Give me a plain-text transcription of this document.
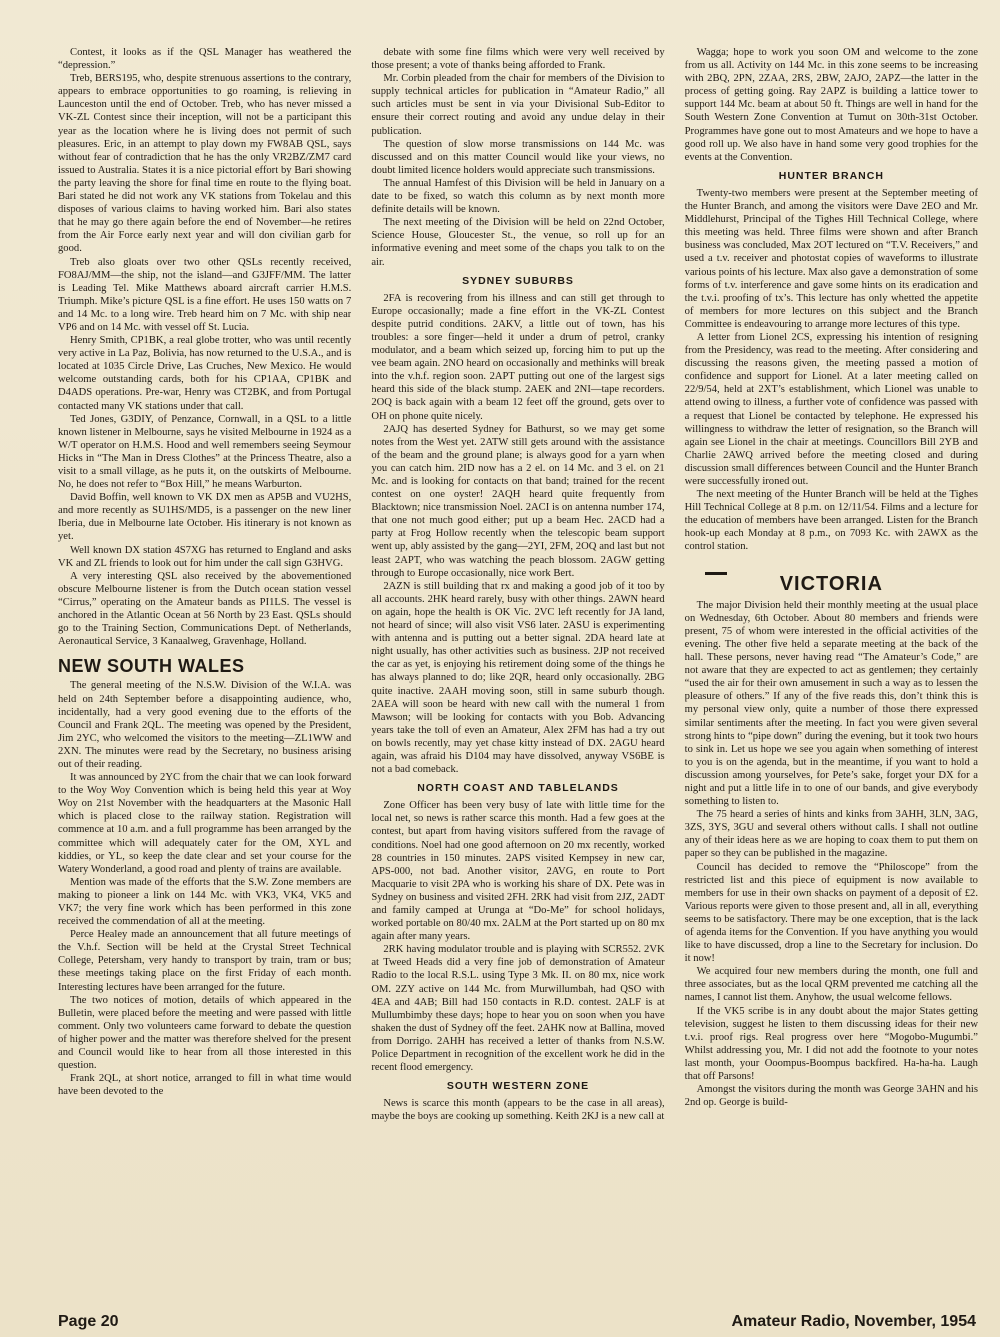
Contest, it looks as if the QSL Manager has weathered the “depression.”

Treb, BERS195, who, despite strenuous assertions to the contrary, appears to embrace opportunities to go roaming, is relieving in Launceston until the end of October. Treb, who has never missed a VK-ZL Contest since their inception, will not be a participant this year as the location where he is living does not permit of such pleasures. Eric, in an attempt to play down my FW8AB QSL, says without fear of contradiction that he has the only VR2BZ/ZM7 card issued to Australia. States it is a nice pictorial effort by Bari showing the party leaving the shore for final time en route to the flying boat. Bari stated he did not work any VK stations from Tokelau and this disposes of various claims to having worked him. Bari also states that he may go there again before the end of November—he retires from the Air Force early next year and will don civilian garb for good.

Treb also gloats over two other QSLs recently received, FO8AJ/MM—the ship, not the island—and G3JFF/MM. The latter is Leading Tel. Mike Matthews aboard aircraft carrier H.M.S. Triumph. Mike’s picture QSL is a fine effort. He uses 150 watts on 7 and 14 Mc. to a long wire. Treb heard him on 7 Mc. with ship near VP6 and on 14 Mc. with vessel off St. Lucia.

Henry Smith, CP1BK, a real globe trotter, who was until recently very active in La Paz, Bolivia, has now returned to the U.S.A., and is located at 1035 Circle Drive, Las Cruches, New Mexico. He would welcome outstanding cards, both for his CP1AA, CP1BK and D4ADS operations. Pre-war, Henry was CT2BK, and from Portugal contacted many VK stations under that call.

Ted Jones, G3DIY, of Penzance, Cornwall, in a QSL to a little known listener in Melbourne, says he visited Melbourne in 1924 as a W/T operator on H.M.S. Hood and well remembers seeing Seymour Hicks in “The Man in Dress Clothes” at the Princess Theatre, also a visit to a small village, as he puts it, on the outskirts of Melbourne. No, he does not refer to “Box Hill,” he means Warburton.

David Boffin, well known to VK DX men as AP5B and VU2HS, and more recently as SU1HS/MD5, is a passenger on the new liner Iberia, due in Melbourne late October. His itinerary is not known as yet.

Well known DX station 4S7XG has returned to England and asks VK and ZL friends to look out for him under the call sign G3HVG.

A very interesting QSL also received by the abovementioned obscure Melbourne listener is from the Dutch ocean station vessel “Cirrus,” operating on the Amateur bands as PI1LS. The vessel is anchored in the Atlantic Ocean at 56 North by 23 East. QSLs should go to the Training Section, Communications Dept. of Netherlands, Aeronautical Service, 3 Kanaalweg, Gravenhage, Holland.

NEW SOUTH WALES

The general meeting of the N.S.W. Division of the W.I.A. was held on 24th September before a disappointing audience, who, incidentally, had a very good evening due to the efforts of the Council and Frank 2QL. The meeting was opened by the President, Jim 2YC, who welcomed the visitors to the meeting—ZL1WW and 2XN. The minutes were read by the Secretary, no business arising out of their reading.

It was announced by 2YC from the chair that we can look forward to the Woy Woy Convention which is being held this year at Woy Woy on 21st November with the headquarters at the Masonic Hall which is placed close to the railway station. Registration will commence at 10 a.m. and a full programme has been arranged by the committee which will adequately cater for the OM, XYL and kiddies, or YL, so keep the date clear and set your course for the Watery Wonderland, a good road and plenty of trains are available.

Mention was made of the efforts that the S.W. Zone members are making to pioneer a link on 144 Mc. with VK3, VK4, VK5 and VK7; the very fine work which has been performed in this zone received the commendation of all at the meeting.

Perce Healey made an announcement that all future meetings of the V.h.f. Section will be held at the Crystal Street Technical College, Petersham, very handy to transport by train, tram or bus; these meetings taking place on the first Friday of each month. Interesting lectures have been arranged for the future.

The two notices of motion, details of which appeared in the Bulletin, were placed before the meeting and were passed with little comment. Only two volunteers came forward to debate the question of higher power and the matter was therefore shelved for the present and Council would like to hear from all those interested in this question.

Frank 2QL, at short notice, arranged to fill in what time would have been devoted to the

debate with some fine films which were very well received by those present; a vote of thanks being afforded to Frank.

Mr. Corbin pleaded from the chair for members of the Division to supply technical articles for publication in “Amateur Radio,” all such articles must be sent in via your Divisional Sub-Editor to ensure their correct routing and avoid any undue delay in their publication.

The question of slow morse transmissions on 144 Mc. was discussed and on this matter Council would like your views, no doubt limited licence holders would appreciate such transmissions.

The annual Hamfest of this Division will be held in January on a date to be fixed, so watch this column as by next month more definite details will be known.

The next meeting of the Division will be held on 22nd October, Science House, Gloucester St., the venue, so roll up for an informative evening and meet some of the chaps you talk to on the air.

SYDNEY SUBURBS

2FA is recovering from his illness and can still get through to Europe occasionally; made a fine effort in the VK-ZL Contest despite putrid conditions. 2AKV, a little out of town, has his troubles: a sore finger—held it under a drum of petrol, cranky modulator, and a beam which seized up, forcing him to put up the vee beam again. 2NO heard on occasionally and methinks will break into the v.h.f. region soon. 2APT putting out one of the largest sigs heard this side of the black stump. 2AEK and 2NI—tape recorders. 2OQ is back again with a beam 12 feet off the ground, gets over to OH on phone quite nicely.

2AJQ has deserted Sydney for Bathurst, so we may get some notes from the West yet. 2ATW still gets around with the assistance of the beam and the ground plane; is always good for a yarn when you can catch him. 2ID now has a 2 el. on 14 Mc. and 3 el. on 21 Mc. and is looking for contacts on that band; trained for the recent contest on one oyster! 2AQH heard quite frequently from Blacktown; nice transmission Noel. 2ACI is on antenna number 174, that one not much good either; put up a beam Hec. 2ACD had a party at Frog Hollow recently when the telescopic beam support went up, ably assisted by the gang—2YI, 2FM, 2OQ and last but not least 2APT, who was watching the peach blossom. 2AGW getting through to Europe occasionally, nice work Bert.

2AZN is still building that rx and making a good job of it too by all accounts. 2HK heard rarely, busy with other things. 2AWN heard on again, hope the health is OK Vic. 2VC left recently for JA land, not heard of since; will also visit VS6 later. 2ASU is experimenting with antenna and is putting out a better signal. 2DA heard late at night usually, has other activities such as business. 2JP not received the car as yet, is enjoying his retirement doing some of the things he has always planned to do; like 2QR, heard only occasionally. 2BG quite inactive. 2AAH moving soon, still in same suburb though. 2AEA will soon be heard with new call with the numeral 1 from Mawson; will be looking for contacts with you Bob. Advancing years take the toll of even an Amateur, Alex 2FM has had a try out on bowls recently, may yet chase kitty instead of DX. 2AGU heard again, was afraid his D104 may have dissolved, anyway VS6BE is not a bad comeback.

NORTH COAST AND TABLELANDS

Zone Officer has been very busy of late with little time for the local net, so news is rather scarce this month. Had a few goes at the contest, but apart from having visitors suffered from the ravage of conditions. Noel had one good afternoon on 20 mx recently, worked 28 countries in 150 minutes. 2APS visited Kempsey in new car, APS-000, not bad. Another visitor, 2AVG, en route to Port Macquarie to visit 2PA who is working his share of DX. Pete was in Sydney on business and visited 2FH. 2RK had visit from 2JZ, 2ADT and family camped at Urunga at “Do-Me” for school holidays, worked portable on 80/40 mx. 2ALM at the Port started up on 80 mx again after many years.

2RK having modulator trouble and is playing with SCR552. 2VK at Tweed Heads did a very fine job of demonstration of Amateur Radio to the local R.S.L. using Type 3 Mk. II. on 80 mx, nice work OM. 2ZY active on 144 Mc. from Murwillumbah, had QSO with 4EA and 4AB; Bill had 150 contacts in R.D. contest. 2ALF is at Mullumbimby these days; hope to hear you on soon when you have shaken the dust of Sydney off the feet. 2AHK now at Ballina, moved from Dorrigo. 2AHH has received a letter of thanks from N.S.W. Police Department in recognition of the excellent work he did in the recent flood emergency.

SOUTH WESTERN ZONE

News is scarce this month (appears to be the case in all areas), maybe the boys are cooking up something. Keith 2KJ is a new call at

Wagga; hope to work you soon OM and welcome to the zone from us all. Activity on 144 Mc. in this zone seems to be increasing with 2BQ, 2PN, 2ZAA, 2RS, 2BW, 2AJO, 2APZ—the latter in the process of getting going. Ray 2APZ is building a lattice tower to support 144 Mc. beam at about 50 ft. Things are well in hand for the South Western Zone Convention at Tumut on 30th-31st October. Programmes have gone out to most Amateurs and we hope to have a good roll up. We also have in hand some very good trophies for the events at the Convention.

HUNTER BRANCH

Twenty-two members were present at the September meeting of the Hunter Branch, and among the visitors were Dave 2EO and Mr. Middlehurst, Principal of the Tighes Hill Technical College, where this meeting was held. Three films were shown and after Branch business was concluded, Max 2OT lectured on “T.V. Receivers,” and used a t.v. receiver and photostat copies of waveforms to illustrate various points of his lecture. Max also gave a demonstration of some forms of t.v. interference and gave some hints on its eradication and the t.v.i. proofing of tx’s. This lecture has only whetted the appetite of members for more lectures on this subject and the Branch Committee is endeavouring to arrange more lectures of this type.

A letter from Lionel 2CS, expressing his intention of resigning from the Presidency, was read to the meeting. After considering and discussing the reasons given, the meeting passed a motion of confidence and support for Lionel. At a later meeting called on 22/9/54, held at 2XT’s establishment, which Lionel was unable to attend owing to illness, a further vote of confidence was passed with a request that Lionel be contacted by telephone. He expressed his willingness to withdraw the letter of resignation, so the Branch will again see Lionel in the chair at meetings. Councillors Bill 2YB and Charlie 2AWQ arrived before the meeting closed and during discussion small differences between Council and the Hunter Branch were successfully ironed out.

The next meeting of the Hunter Branch will be held at the Tighes Hill Technical College at 8 p.m. on 12/11/54. Films and a lecture for the education of members have been arranged. Listen for the Branch hook-up each Monday at 8 p.m., on 7093 Kc. with 2AWX as the control station.

VICTORIA

The major Division held their monthly meeting at the usual place on Wednesday, 6th October. About 80 members and friends were present, 75 of whom were interested in the official activities of the evening. The other five held a separate meeting at the back of the hall. These persons, never having read “The Amateur’s Code,” are not aware that they are expected to act as gentlemen; they certainly “used the air for their own amusement in such a way as to lessen the pleasure of others.” If any of the five reads this, don’t think this is my personal view only, quite a number of those there expressed similar sentiments after the meeting. In fact you were given several strong hints to “pipe down” during the evening, but it took two hours to sink in. Let us hope we see you again when something of interest to you is on the agenda, but in the meantime, if you want to hold a discussion among yourselves, for Pete’s sake, forget your DX for a night and put a little life in to one of our bands, and give everybody something to listen to.

The 75 heard a series of hints and kinks from 3AHH, 3LN, 3AG, 3ZS, 3YS, 3GU and several others without calls. I shall not outline any of their ideas here as we are hoping to coax them to put them on paper so they can be published in the magazine.

Council has decided to remove the “Philoscope” from the restricted list and this piece of equipment is now available to members for use in their own shacks on payment of a deposit of £2. Various reports were given to those present and, all in all, everything seems to be satisfactory. There may be one exception, that is the lack of agenda items for the Convention. If you have anything you would like to have discussed, drop a line to the Secretary for inclusion. Do it now!

We acquired four new members during the month, one full and three associates, but as the local QRM prevented me catching all the names, I cannot list them. Anyhow, the usual welcome fellows.

If the VK5 scribe is in any doubt about the major States getting television, suggest he listen to them discussing ideas for their new t.v.i. proof rigs. Real progress over here “Mogobo-Mugumbi.” Whilst addressing you, Mr. I did not add the footnote to your notes last month, your Ooompus-Boompus backfired. Ha-ha-ha. Laugh that off Parsons!

Amongst the visitors during the month was George 3AHN and his 2nd op. George is build-

Page 20	Amateur Radio, November, 1954
